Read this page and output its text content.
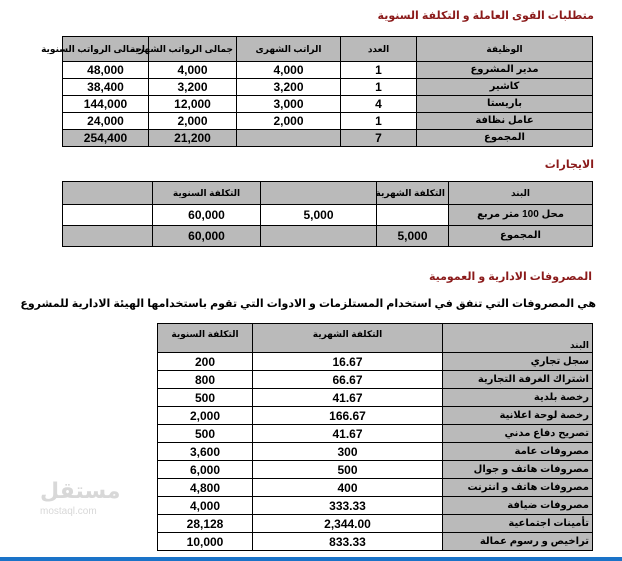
متطلبات القوى العاملة و التكلفة السنوية
الوظيفة	العدد	الراتب الشهرى	جمالى الرواتب الشهرية	اجمالى الرواتب السنوية
مدير المشروع	1	4,000	4,000	48,000
كاشير	1	3,200	3,200	38,400
باريستا	4	3,000	12,000	144,000
عامل نظافة	1	2,000	2,000	24,000
المجموع	7		21,200	254,400
الايجارات
البند	التكلفة الشهرية		التكلفة السنوية	
محل 100 متر مربع		5,000	60,000	
المجموع	5,000		60,000	
المصروفات الادارية و العمومية
هي المصروفات التي تنفق في استخدام المستلزمات و الادوات التي تقوم باستخدامها الهيئة الادارية للمشروع
البند	التكلفة الشهرية	التكلفة السنوية
سجل تجاري	16.67	200
اشتراك الغرفة التجارية	66.67	800
رخصة بلدية	41.67	500
رخصة لوحة اعلانية	166.67	2,000
تصريح دفاع مدني	41.67	500
مصروفات عامة	300	3,600
مصروفات هاتف و جوال	500	6,000
مصروفات هاتف و انترنت	400	4,800
مصروفات ضيافة	333.33	4,000
تأمينات اجتماعية	2,344.00	28,128
تراخيص و رسوم عمالة	833.33	10,000
مستقل
mostaql.com
